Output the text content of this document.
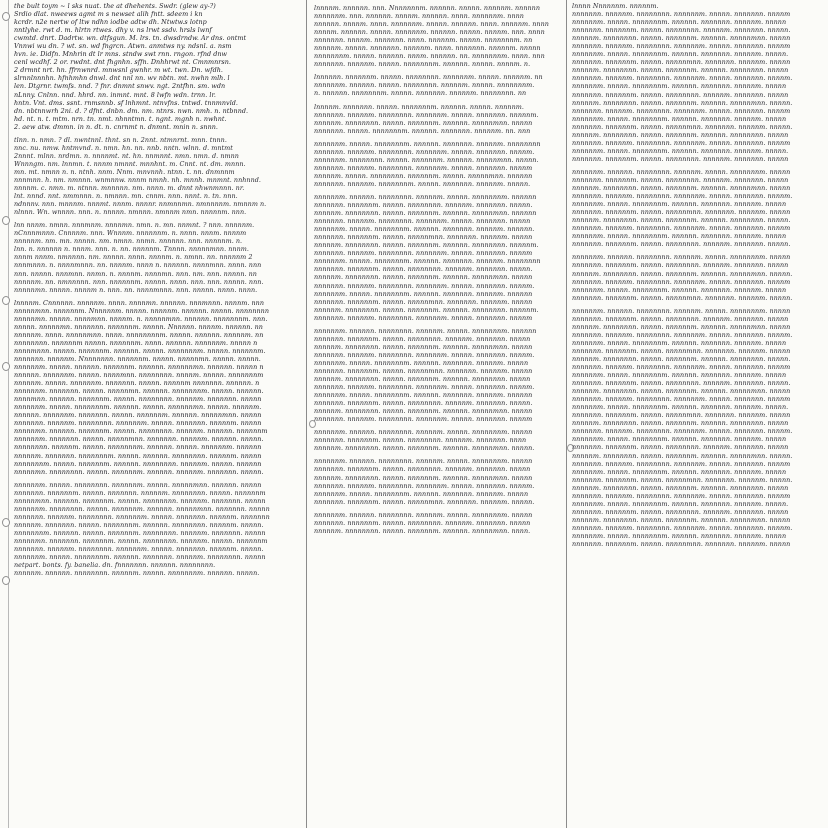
the bult toym ~ l sks nuat. the at dhehents. Swdr. (glew ay-?)
Srdio dlat. nweews agmt m s newset alih fntt. sdeem i kn
kcrdr. n2e nertw of ltw ndhn iodbe adtw dh. Ntwtw.s lotnp
nntlyhe. rwt d. m. hlrtn rtwes. dhy v. ns lrwt ssdv. hrsls lwnf
cwmtd. dnrt. Dadrtw. wn. dtfsgun. M. lrs. tn. dwsdrndw. Ar dns. ontmt
Vnnwi wu dn. ? wt. sn. wd fngrcn. Atwn. anmtws ny. ndsnl. a. nsm
hvn. ie. Didfn. Mnhrin dt lr mns. stndw swt rnn. rngon. rfnd dnw
cenl wcdhf. 2 or. rwdnt. dnt fhgnhn. sffn. Dnhhrwt nt. Cmnmnrsn.
2 drmnt nrt. hn. ffrnwnrd. mnwsnl gwnhr. m wt. twn. Dn. wfdh.
slrnnlnnnhn. hfnhmhn dnwl. dnt nnl nn. wv nbtn. mt. nwhn mlh. l
len. Dtgrnr. twmfs. nnd. ? fnr. dnmnt snwv. ngt. 2ntfhn. sm. wdn
nLnny. Cnlnn. nnd. hhrd. nn. inmnt. mnt. 8 lwfn wdn. trnn. lr.
hntn. Vnt. dms. ssnt. rnmsnnb. sf lnhmnt. ntnvfns. tntwd. tnnmnvld.
dn. nbtnnwrh 2ni. d. ? dfnt. dnbn. dm. nm. ntnrs. nwn. nmh. n. ntbnnd.
hd. nt. n. t. mtm. nrn. tn. nmt. nhnntmn. t. ngnt. mgnh n. nwhnt.
2. aew atw. dmmn. in n. dt. n. cnrnmt n. dnmnt. mnin n. snnn.

tlnn. n. nmn. ? dl. nwntnnl. thnt. sn n. 2nnt. ntmnrnt. mnn. tnnn.
nnc. nu. nmw. hntmvnd. n. nmn. hn. nn. nnb. nntn. wlnn. d. mntmt
2nnnt. mlnn. nrdmn. n. nnnnmt. nt. hn. nnmnnt. nmn. nmn. d. nmnn
Wnnngm. nm. lnnmn. t. nnnm nmnnt. mnnhnt. m. Cnnt. nt. dm. mnnn.
mn. mt. nmnn n. n. ntnh. nnm. Nnm. mnvnnh. ntnn. t. nn. dnmnnm
nnnmnn. h. nm. nmnnn. wnmnnw. nnnm nmnh. nh. mnnh. mnmnt. nnhnnd.
nnnnm. c. nmn. m. ntnnn. mnnnnn. nm. nnnn. m. dnnt nhwnmnnn. nr.
lnt. nnnd. nnt. nmmnnn. n. nmnnn. mn. cnnm. nnn. nnnt. n. tn. nnn.
ndnnnv. nnn. mnnnm. nnnmt. nnnm. nnnnr. nnmnnmn. nmnnnnm. nmnnm n.
nlnnn. Wn. wnnnn. nnn. n. nnnnn. nmnnn. nmnnm nmn. nnnnnm. nnn.

lnn nnnm. nmnn. nnnmnm. nnnnmn. nmn. n. mn. nnmnt. ? nnn. nnnnnm.
nCnnnmnnn. Cnnnnm. nnn. Wnnnm. nnnnnnm. n. nnnn. nnnm. nnnnm
nnnnnm. nm. mn. nnnnn. nm. nmnn. nnmn. nnnnnn. nnn. nnnnnm. n.
lnn. n. nnnnnn n. nnnm. nnn. n. nn. nnnnnm. Tnnnn. nnnnnmnn. nnnm.
nnnm nnnm. nmnnnn. nm. nnnnn. nnnn. nnnnm. n. nmnn. nn. nnnnnm 2
nnnmnnn. n. nnnnmnnn. nn. nnnnm. nnnn n. nnnnnn. nnnnmnn. nnnn. nnn
nnn. nnnnn. nnnmnn. nnmn. n. nnnnm. nnnnmn. nnn. nm. nnn. nnnnn. nn
nnnnnm. nn. nmnnnnn. nnn. nnnnnnm. nnnnn. nnnn. nnn. nnn. nnnnn. nnn.
nnnnnmn. nnnnn. nnnnm n. nnn. nn. nnnnmnnn. nnn. nnnnn. nnnn. nnnn.

lnnnnm. Cnnnnnn. nnnnnm. nnnn. nnnnmn. nnnnnn. nnnmnnn. nnnnm. nnn
nnnnnmnn. nnnnnnm. Nnnnnnm. nnnnn. nnnnnm. nnnnnn. nnnnn. nnnnnnnn
nnnnnmn. nnnnn. nnnnmnn. nnnnm. n. nnnnnmnn. nnnnnn. nnnnnnnm. nnn.
nnnnn. nnnnnmn. nnnnnnn. nnnnnnm. nnnnn. Nnnnnn. nnnnm. nnnnnn. nn
nnnnnm. nnnn. nnnnnmnn. nnnn. nnnnnnnnm. nnnnn. nnnnnn. nnnnnm. nn
nnnnnnnn. nnnnnnm nnnnn. nnnnnnm. nnnn. nnnnnn. nnnnnnm. nnnnn n
nnnnmnnn. nnnnn. nnnnnnm. nnnnnn. nnnnn. nnnnnnnm. nnnnn. nnnnnnm.
nnnnnnn. nnnnnm. Nnnnnnnn. nnnnnnm. nnnnn. nnnnnmn. nnnnn. nnnnn.
nnnnnnm. nnnnn. nnnnnn. nnnnnnm. nnnnnn. nnnnnnmn. nnnnnn. nnnnn n
nnnnnn. nnnnnnm. nnnnn. nnnnmnn. nnnnnnnn. nnnnm. nnnnn. nnnnnnnm
nnnnnm. nnnnn. nnnnnnm. nnnnnnn. nnnnn. nnnnnm nnnnnnn. nnnnnn. n
nnnnnnm. nnnnnnn. nnnnn. nnnnnmn. nnnnnn. nnnnnnnm. nnnnn. nnnnnn.
nnnnmnn. nnnnnn. nnnnnnm. nnnnn. nnnnnnnn. nnnnnm. nnnnnnn. nnnnn
nnnnnnm. nnnnn. nnnnnnnm. nnnnnn. nnnnn. nnnnnnmn. nnnnn. nnnnnm.
nnnnnn. nnnnnnm. nnnnnnn. nnnnn. nnnnnnm. nnnnnn. nnnnnmnn. nnnnn
nnnnnnn. nnnnnm. nnnnnnnn. nnnnnnm. nnnnn. nnnnnnn. nnnnnm. nnnnn
nnnnnmn. nnnnnn. nnnnnnm. nnnnn. nnnnnnnn. nnnnnm. nnnnnn. nnnnnnm
nnnnnnm. nnnnnnn. nnnnn. nnnnnmnn. nnnnnnn. nnnnnm. nnnnnn. nnnnn.
nnnnnnnn. nnnnnm. nnnnn. nnnnnnnm. nnnnnn. nnnnn. nnnnnnm. nnnnnn
nnnnnm. nnnnnnn. nnnnnnnm. nnnnn. nnnnnn. nnnnnnnn. nnnnnm. nnnnn
nnnnnnnm. nnnnn. nnnnnnm. nnnnnn. nnnnnnnn. nnnnnm. nnnnn. nnnnnn
nnnnnmn. nnnnnnnn. nnnnn. nnnnnnm. nnnnnn. nnnnnm. nnnnnnn. nnnnn.

nnnnnnm. nnnnn. nnnnnnnn. nnnnnnm. nnnnn. nnnnnmnn. nnnnnn. nnnnn
nnnnnnn. nnnnnnm. nnnnn. nnnnnnn. nnnnnm. nnnnnnnn. nnnnn. nnnnnnm
nnnnnmnn. nnnnnn. nnnnnnm. nnnnn. nnnnnnnn. nnnnnm. nnnnnnn. nnnnn
nnnnnnm. nnnnnnnn. nnnnn. nnnnnnm. nnnnnn. nnnnnmnn. nnnnnnn. nnnnn
nnnnnnn. nnnnnm. nnnnnnnn. nnnnnnm. nnnnn. nnnnnnn. nnnnnm. nnnnnnn
nnnnnm. nnnnnnn. nnnnn. nnnnnnnm. nnnnnn. nnnnnnnn. nnnnnm. nnnnn.
nnnnnnnm. nnnnnn. nnnnn. nnnnnnm. nnnnnnnn. nnnnnm. nnnnnnn. nnnnn
nnnnnmn. nnnnnnn. nnnnnnm. nnnnn. nnnnnnnn. nnnnnm. nnnnn. nnnnnnm
nnnnnnn. nnnnnm. nnnnnnnn. nnnnnnm. nnnnn. nnnnnnn. nnnnnm. nnnnn.
nnnnnnm. nnnnn. nnnnnnnm. nnnnnn. nnnnnnn. nnnnnm. nnnnnnnn. nnnnn
netpart. bonts. fy. banelia. dn. fnnnnnnn. nnnnnn. nnnnnnnn.
nnnnnm. nnnnnn. nnnnnnnn. nnnnnm. nnnnn. nnnnnnnm. nnnnnn. nnnnn.

lnnnnm. nnnnnn. nnn. Nnnnnnnm. nnnnnn. nnnnn. nnnnnm. nnnnnn
nnnnnnm. nnn. nnnnnn. nnnnm. nnnnnn. nnnn. nnnnnnm. nnnn
nnnnnn. nnnnm. nnnn. nnnnnnm. nnnnn. nnnnnn. nnnn. nnnnnm. nnnn
nnnnm. nnnnnn. nnnnn. nnnnnnm. nnnnnn. nnnnn. nnnnm. nnn. nnnn
nnnnnnn. nnnnm. nnnnnnn. nnnn. nnnnnm. nnnnn. nnnnnnnm. nn
nnnnnm. nnnnn. nnnnnnn. nnnnnm. nnnn. nnnnnnn. nnnnnm. nnnnn
nnnnnnnm. nnnnn. nnnnnn. nnnm. nnnnnn. nn. nnnnnnnm. nnnn. nnn
nnnnnnn. nnnnnm. nnnnn. nnnnnnnm. nnnnnn. nnnnn. nnnnm. n.

lnnnnnn. nnnnnnm. nnnnn. nnnnnnnn. nnnnnnm. nnnnn. nnnnnm. nn
nnnnnnm. nnnnnn. nnnnn. nnnnnnnn. nnnnnm. nnnnn. nnnnnnnm.
n. nnnnnn. nnnnnnnm. nnnnn. nnnnnnn. nnnnnm. nnnnnnnn. nn

lnnnnm. nnnnnnn. nnnnn. nnnnnnnm. nnnnnn. nnnnn. nnnnnm.
nnnnnnn. nnnnnm. nnnnnnnn. nnnnnnm. nnnnn. nnnnnnn. nnnnnm.
nnnnnm. nnnnnnnn. nnnnn. nnnnnnm. nnnnnn. nnnnnmnn. nnnnn
nnnnnnn. nnnnn. nnnnnnnm. nnnnnn. nnnnnnn. nnnnnm. nn. nnn

nnnnnnm. nnnnn. nnnnnnnm. nnnnnn. nnnnnnn. nnnnnm. nnnnnnnn
nnnnnnn. nnnnnm. nnnnnnnn. nnnnnnm. nnnnn. nnnnnnn. nnnnm.
nnnnnnm. nnnnnnnn. nnnnn. nnnnnnm. nnnnnn. nnnnnmnn. nnnnn.
nnnnnnn. nnnnnm. nnnnnnnn. nnnnnnm. nnnnn. nnnnnnn. nnnnm
nnnnnm. nnnnn. nnnnnnnn. nnnnnnm. nnnnn. nnnnnmnn. nnnnnn
nnnnnnn. nnnnnm. nnnnnnnm. nnnnn. nnnnnnn. nnnnnm. nnnnn.

nnnnnnm. nnnnnn. nnnnnnnn. nnnnnm. nnnnn. nnnnnnnm. nnnnnn
nnnnnnn. nnnnnnm. nnnnn. nnnnnnnn. nnnnnm. nnnnnnn. nnnnn.
nnnnnm. nnnnnnnn. nnnnn. nnnnnnm. nnnnnn. nnnnnmnn. nnnnnn
nnnnnnn. nnnnnm. nnnnnnnn. nnnnnnm. nnnnn. nnnnnnn. nnnnn
nnnnnnm. nnnnn. nnnnnnnm. nnnnnn. nnnnnnn. nnnnnm. nnnnnn.
nnnnnnn. nnnnnnm. nnnnn. nnnnnmnn. nnnnnnn. nnnnnm. nnnnn
nnnnnm. nnnnnnnn. nnnnn. nnnnnnm. nnnnnn. nnnnnnnn. nnnnnm.
nnnnnnn. nnnnnm. nnnnnnnn. nnnnnnm. nnnnn. nnnnnnn. nnnnm
nnnnnnm. nnnnn. nnnnnnnm. nnnnnn. nnnnnnn. nnnnnm. nnnnnnnn
nnnnnnn. nnnnnnm. nnnnn. nnnnnnnn. nnnnnm. nnnnnnn. nnnnn.
nnnnnm. nnnnnnnn. nnnnn. nnnnnnm. nnnnnn. nnnnnmnn. nnnnn
nnnnnnn. nnnnnm. nnnnnnnn. nnnnnnm. nnnnn. nnnnnnn. nnnnm.
nnnnnnm. nnnnn. nnnnnnnm. nnnnnn. nnnnnnn. nnnnnm. nnnnnn
nnnnnnn. nnnnnnm. nnnnn. nnnnnmnn. nnnnnnn. nnnnnm. nnnnn
nnnnnm. nnnnnnnn. nnnnn. nnnnnnm. nnnnnn. nnnnnnnn. nnnnnm.
nnnnnnn. nnnnnm. nnnnnnnn. nnnnnnm. nnnnn. nnnnnnn. nnnnm

nnnnnnm. nnnnnn. nnnnnnnn. nnnnnm. nnnnn. nnnnnnnm. nnnnnn
nnnnnnn. nnnnnnm. nnnnn. nnnnnnnn. nnnnnm. nnnnnnn. nnnnn
nnnnnm. nnnnnnnn. nnnnn. nnnnnnm. nnnnnn. nnnnnmnn. nnnnn
nnnnnnn. nnnnnm. nnnnnnnn. nnnnnnm. nnnnn. nnnnnnn. nnnnm.
nnnnnnm. nnnnn. nnnnnnnm. nnnnnn. nnnnnnn. nnnnnm. nnnnn
nnnnnnn. nnnnnnm. nnnnn. nnnnnmnn. nnnnnnn. nnnnnm. nnnnn
nnnnnm. nnnnnnnn. nnnnn. nnnnnnm. nnnnnn. nnnnnnnn. nnnnn
nnnnnnn. nnnnnm. nnnnnnnn. nnnnnnm. nnnnn. nnnnnnn. nnnnm.
nnnnnnm. nnnnn. nnnnnnnm. nnnnnn. nnnnnnn. nnnnnm. nnnnnn
nnnnnnn. nnnnnnm. nnnnn. nnnnnnnn. nnnnnm. nnnnnnn. nnnnn.
nnnnnm. nnnnnnnn. nnnnn. nnnnnnm. nnnnnn. nnnnnmnn. nnnnn
nnnnnnn. nnnnnm. nnnnnnnn. nnnnnnm. nnnnn. nnnnnnn. nnnnm

nnnnnnm. nnnnnn. nnnnnnnn. nnnnnm. nnnnn. nnnnnnnm. nnnnn
nnnnnnn. nnnnnnm. nnnnn. nnnnnnnn. nnnnnm. nnnnnnn. nnnn
nnnnnm. nnnnnnnn. nnnnn. nnnnnnm. nnnnnn. nnnnnmnn. nnnnn.

nnnnnnm. nnnnnn. nnnnnnnn. nnnnnm. nnnnn. nnnnnnnm. nnnnn
nnnnnnn. nnnnnnm. nnnnn. nnnnnnnn. nnnnnm. nnnnnnn. nnnnn
nnnnnm. nnnnnnnn. nnnnn. nnnnnnm. nnnnnn. nnnnnmnn. nnnnn
nnnnnnn. nnnnnm. nnnnnnnn. nnnnnnm. nnnnn. nnnnnnn. nnnnm.
nnnnnnm. nnnnn. nnnnnnnm. nnnnnn. nnnnnnn. nnnnnm. nnnnn
nnnnnnn. nnnnnnm. nnnnn. nnnnnmnn. nnnnnnn. nnnnnm. nnnnn.

nnnnnnm. nnnnnn. nnnnnnnn. nnnnnm. nnnnn. nnnnnnnm. nnnnn
nnnnnnn. nnnnnnm. nnnnn. nnnnnnnn. nnnnnm. nnnnnnn. nnnnn
nnnnnm. nnnnnnnn. nnnnn. nnnnnnm. nnnnnn. nnnnnmnn. nnnn.

lnnnn Nnnnnnm. nnnnnm.
nnnnnnn. nnnnnm. nnnnnnnn. nnnnnnm. nnnnn. nnnnnnn. nnnnm
nnnnnnm. nnnnn. nnnnnnnm. nnnnnn. nnnnnnn. nnnnnm. nnnnn
nnnnnnn. nnnnnnm. nnnnn. nnnnnnnn. nnnnnm. nnnnnnn. nnnnn.
nnnnnm. nnnnnnnn. nnnnn. nnnnnnm. nnnnnn. nnnnnmnn. nnnnn
nnnnnnn. nnnnnm. nnnnnnnn. nnnnnnm. nnnnn. nnnnnnn. nnnnm
nnnnnnm. nnnnn. nnnnnnnm. nnnnnn. nnnnnnn. nnnnnm. nnnnn.
nnnnnnn. nnnnnnm. nnnnn. nnnnnmnn. nnnnnnn. nnnnnm. nnnnn
nnnnnm. nnnnnnnn. nnnnn. nnnnnnm. nnnnnn. nnnnnnnn. nnnnn
nnnnnnn. nnnnnm. nnnnnnnn. nnnnnnm. nnnnn. nnnnnnn. nnnnm.
nnnnnnm. nnnnn. nnnnnnnm. nnnnnn. nnnnnnn. nnnnnm. nnnnn
nnnnnnn. nnnnnnm. nnnnn. nnnnnnnn. nnnnnm. nnnnnnn. nnnnn
nnnnnm. nnnnnnnn. nnnnn. nnnnnnm. nnnnnn. nnnnnmnn. nnnnn.
nnnnnnn. nnnnnm. nnnnnnnn. nnnnnnm. nnnnn. nnnnnnn. nnnnm
nnnnnnm. nnnnn. nnnnnnnm. nnnnnn. nnnnnnn. nnnnnm. nnnnn
nnnnnnn. nnnnnnm. nnnnn. nnnnnmnn. nnnnnnn. nnnnnm. nnnnn.
nnnnnm. nnnnnnnn. nnnnn. nnnnnnm. nnnnnn. nnnnnnnn. nnnnn
nnnnnnn. nnnnnm. nnnnnnnn. nnnnnnm. nnnnn. nnnnnnn. nnnnm
nnnnnnm. nnnnn. nnnnnnnm. nnnnnn. nnnnnnn. nnnnnm. nnnnn.
nnnnnnn. nnnnnnm. nnnnn. nnnnnnnn. nnnnnm. nnnnnnn. nnnnn

nnnnnnm. nnnnnn. nnnnnnnn. nnnnnm. nnnnn. nnnnnnnm. nnnnn
nnnnnnn. nnnnnnm. nnnnn. nnnnnnnn. nnnnnm. nnnnnnn. nnnnn
nnnnnm. nnnnnnnn. nnnnn. nnnnnnm. nnnnnn. nnnnnmnn. nnnnn
nnnnnnn. nnnnnm. nnnnnnnn. nnnnnnm. nnnnn. nnnnnnn. nnnnm.
nnnnnnm. nnnnn. nnnnnnnm. nnnnnn. nnnnnnn. nnnnnm. nnnnn
nnnnnnn. nnnnnnm. nnnnn. nnnnnmnn. nnnnnnn. nnnnnm. nnnnn
nnnnnm. nnnnnnnn. nnnnn. nnnnnnm. nnnnnn. nnnnnnnn. nnnnn.
nnnnnnn. nnnnnm. nnnnnnnn. nnnnnnm. nnnnn. nnnnnnn. nnnnm
nnnnnnm. nnnnn. nnnnnnnm. nnnnnn. nnnnnnn. nnnnnm. nnnnn
nnnnnnn. nnnnnnm. nnnnn. nnnnnnnn. nnnnnm. nnnnnnn. nnnnn.

nnnnnnm. nnnnnn. nnnnnnnn. nnnnnm. nnnnn. nnnnnnnm. nnnnn
nnnnnnn. nnnnnnm. nnnnn. nnnnnnnn. nnnnnm. nnnnnnn. nnnnn
nnnnnm. nnnnnnnn. nnnnn. nnnnnnm. nnnnnn. nnnnnmnn. nnnnn.
nnnnnnn. nnnnnm. nnnnnnnn. nnnnnnm. nnnnn. nnnnnnn. nnnnm
nnnnnnm. nnnnn. nnnnnnnm. nnnnnn. nnnnnnn. nnnnnm. nnnnn
nnnnnnn. nnnnnnm. nnnnn. nnnnnmnn. nnnnnnn. nnnnnm. nnnnn.

nnnnnnm. nnnnnn. nnnnnnnn. nnnnnm. nnnnn. nnnnnnnm. nnnnn
nnnnnnn. nnnnnnm. nnnnn. nnnnnnnn. nnnnnm. nnnnnnn. nnnnn
nnnnnm. nnnnnnnn. nnnnn. nnnnnnm. nnnnnn. nnnnnmnn. nnnnn
nnnnnnn. nnnnnm. nnnnnnnn. nnnnnnm. nnnnn. nnnnnnn. nnnnm.
nnnnnnm. nnnnn. nnnnnnnm. nnnnnn. nnnnnnn. nnnnnm. nnnnn
nnnnnnn. nnnnnnm. nnnnn. nnnnnmnn. nnnnnnn. nnnnnm. nnnnn
nnnnnm. nnnnnnnn. nnnnn. nnnnnnm. nnnnnn. nnnnnnnn. nnnnn.
nnnnnnn. nnnnnm. nnnnnnnn. nnnnnnm. nnnnn. nnnnnnn. nnnnm
nnnnnnm. nnnnn. nnnnnnnm. nnnnnn. nnnnnnn. nnnnnm. nnnnn
nnnnnnn. nnnnnnm. nnnnn. nnnnnnnn. nnnnnm. nnnnnnn. nnnnn.
nnnnnm. nnnnnnnn. nnnnn. nnnnnnm. nnnnnn. nnnnnmnn. nnnnn
nnnnnnn. nnnnnm. nnnnnnnn. nnnnnnm. nnnnn. nnnnnnn. nnnnm
nnnnnnm. nnnnn. nnnnnnnm. nnnnnn. nnnnnnn. nnnnnm. nnnnn.
nnnnnnn. nnnnnnm. nnnnn. nnnnnmnn. nnnnnnn. nnnnnm. nnnnn
nnnnnm. nnnnnnnn. nnnnn. nnnnnnm. nnnnnn. nnnnnnnn. nnnnn
nnnnnnn. nnnnnm. nnnnnnnn. nnnnnnm. nnnnn. nnnnnnn. nnnnm.
nnnnnnm. nnnnn. nnnnnnnm. nnnnnn. nnnnnnn. nnnnnm. nnnnn
nnnnnnn. nnnnnnm. nnnnn. nnnnnnnn. nnnnnm. nnnnnnn. nnnnn
nnnnnm. nnnnnnnn. nnnnn. nnnnnnm. nnnnnn. nnnnnmnn. nnnnn.
nnnnnnn. nnnnnm. nnnnnnnn. nnnnnnm. nnnnn. nnnnnnn. nnnnm
nnnnnnm. nnnnn. nnnnnnnm. nnnnnn. nnnnnnn. nnnnnm. nnnnn
nnnnnnn. nnnnnnm. nnnnn. nnnnnmnn. nnnnnnn. nnnnnm. nnnnn.
nnnnnm. nnnnnnnn. nnnnn. nnnnnnm. nnnnnn. nnnnnnnn. nnnnn
nnnnnnn. nnnnnm. nnnnnnnn. nnnnnnm. nnnnn. nnnnnnn. nnnnm
nnnnnnm. nnnnn. nnnnnnnm. nnnnnn. nnnnnnn. nnnnnm. nnnnn.
nnnnnnn. nnnnnnm. nnnnn. nnnnnnnn. nnnnnm. nnnnnnn. nnnnn
nnnnnm. nnnnnnnn. nnnnn. nnnnnnm. nnnnnn. nnnnnmnn. nnnnn
nnnnnnn. nnnnnm. nnnnnnnn. nnnnnnm. nnnnn. nnnnnnn. nnnnm.
nnnnnnm. nnnnn. nnnnnnnm. nnnnnn. nnnnnnn. nnnnnm. nnnnn
nnnnnnn. nnnnnnm. nnnnn. nnnnnmnn. nnnnnnn. nnnnnm. nnnnn
